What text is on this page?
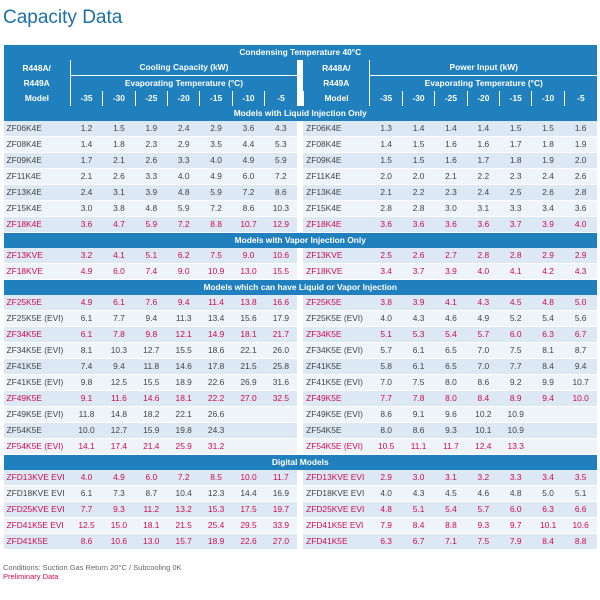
Capacity Data
Condensing Temperature 40°C																
R448A/
R449A	Cooling Capacity (kW)								R448A/
R449A	Power Input (kW)						
	Evaporating Temperature (°C)									Evaporating Temperature (°C)						
Model	-35	-30	-25	-20	-15	-10	-5		Model	-35	-30	-25	-20	-15	-10	-5
Models with Liquid Injection Only																
ZF06K4E	1.2	1.5	1.9	2.4	2.9	3.6	4.3		ZF06K4E	1.3	1.4	1.4	1.4	1.5	1.5	1.6
ZF08K4E	1.4	1.8	2.3	2.9	3.5	4.4	5.3		ZF08K4E	1.4	1.5	1.6	1.6	1.7	1.8	1.9
ZF09K4E	1.7	2.1	2.6	3.3	4.0	4.9	5.9		ZF09K4E	1.5	1.5	1.6	1.7	1.8	1.9	2.0
ZF11K4E	2.1	2.6	3.3	4.0	4.9	6.0	7.2		ZF11K4E	2.0	2.0	2.1	2.2	2.3	2.4	2.6
ZF13K4E	2.4	3.1	3.9	4.8	5.9	7.2	8.6		ZF13K4E	2.1	2.2	2.3	2.4	2.5	2.6	2.8
ZF15K4E	3.0	3.8	4.8	5.9	7.2	8.6	10.3		ZF15K4E	2.8	2.8	3.0	3.1	3.3	3.4	3.6
ZF18K4E	3.6	4.7	5.9	7.2	8.8	10.7	12.9		ZF18K4E	3.6	3.6	3.6	3.6	3.7	3.9	4.0
Models with Vapor Injection Only																
ZF13KVE	3.2	4.1	5.1	6.2	7.5	9.0	10.6		ZF13KVE	2.5	2.6	2.7	2.8	2.8	2.9	2.9
ZF18KVE	4.9	6.0	7.4	9.0	10.9	13.0	15.5		ZF18KVE	3.4	3.7	3.9	4.0	4.1	4.2	4.3
Models which can have Liquid or Vapor Injection																
ZF25K5E	4.9	6.1	7.6	9.4	11.4	13.8	16.6		ZF25K5E	3.8	3.9	4.1	4.3	4.5	4.8	5.0
ZF25K5E (EVI)	6.1	7.7	9.4	11.3	13.4	15.6	17.9		ZF25K5E (EVI)	4.0	4.3	4.6	4.9	5.2	5.4	5.6
ZF34K5E	6.1	7.8	9.8	12.1	14.9	18.1	21.7		ZF34K5E	5.1	5.3	5.4	5.7	6.0	6.3	6.7
ZF34K5E (EVI)	8.1	10.3	12.7	15.5	18.6	22.1	26.0		ZF34K5E (EVI)	5.7	6.1	6.5	7.0	7.5	8.1	8.7
ZF41K5E	7.4	9.4	11.8	14.6	17.8	21.5	25.8		ZF41K5E	5.8	6.1	6.5	7.0	7.7	8.4	9.4
ZF41K5E (EVI)	9.8	12.5	15.5	18.9	22.6	26.9	31.6		ZF41K5E (EVI)	7.0	7.5	8.0	8.6	9.2	9.9	10.7
ZF49K5E	9.1	11.6	14.6	18.1	22.2	27.0	32.5		ZF49K5E	7.7	7.8	8.0	8.4	8.9	9.4	10.0
ZF49K5E (EVI)	11.8	14.8	18.2	22.1	26.6				ZF49K5E (EVI)	8.6	9.1	9.6	10.2	10.9		
ZF54K5E	10.0	12.7	15.9	19.8	24.3				ZF54K5E	8.0	8.6	9.3	10.1	10.9		
ZF54K5E (EVI)	14.1	17.4	21.4	25.9	31.2				ZF54K5E (EVI)	10.5	11.1	11.7	12.4	13.3		
Digital Models																
ZFD13KVE EVI	4.0	4.9	6.0	7.2	8.5	10.0	11.7		ZFD13KVE EVI	2.9	3.0	3.1	3.2	3.3	3.4	3.5
ZFD18KVE EVI	6.1	7.3	8.7	10.4	12.3	14.4	16.9		ZFD18KVE EVI	4.0	4.3	4.5	4.6	4.8	5.0	5.1
ZFD25KVE EVI	7.7	9.3	11.2	13.2	15.3	17.5	19.7		ZFD25KVE EVI	4.8	5.1	5.4	5.7	6.0	6.3	6.6
ZFD41K5E EVI	12.5	15.0	18.1	21.5	25.4	29.5	33.9		ZFD41K5E EVI	7.9	8.4	8.8	9.3	9.7	10.1	10.6
ZFD41K5E	8.6	10.6	13.0	15.7	18.9	22.6	27.0		ZFD41K5E	6.3	6.7	7.1	7.5	7.9	8.4	8.8
Conditions: Suction Gas Return 20°C / Subcooling 0K
Preliminary Data
